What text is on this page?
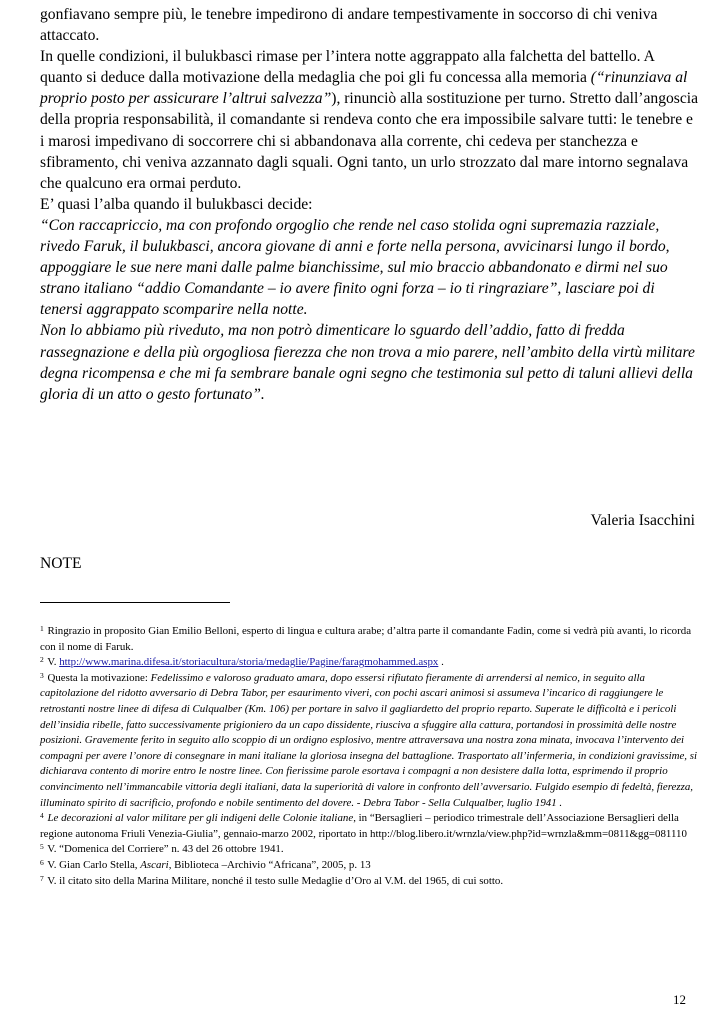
gonfiavano sempre più, le tenebre impedirono di andare tempestivamente in soccorso di chi veniva attaccato.

In quelle condizioni, il bulukbasci rimase per l’intera notte aggrappato alla falchetta del battello. A quanto si deduce dalla motivazione della medaglia che poi gli fu concessa alla memoria (“rinunziava al proprio posto per assicurare l’altrui salvezza”), rinunciò alla sostituzione per turno. Stretto dall’angoscia della propria responsabilità, il comandante si rendeva conto che era impossibile salvare tutti: le tenebre e i marosi impedivano di soccorrere chi si abbandonava alla corrente, chi cedeva per stanchezza e sfibramento, chi veniva azzannato dagli squali. Ogni tanto, un urlo strozzato dal mare intorno segnalava che qualcuno era ormai perduto.

E’ quasi l’alba quando il bulukbasci decide:

“Con raccapriccio, ma con profondo orgoglio che rende nel caso stolida ogni supremazia razziale, rivedo Faruk, il bulukbasci, ancora giovane di anni e forte nella persona, avvicinarsi lungo il bordo, appoggiare le sue nere mani dalle palme bianchissime, sul mio braccio abbandonato e dirmi nel suo strano italiano “addio Comandante – io avere finito ogni forza – io ti ringraziare”, lasciare poi di tenersi aggrappato scomparire nella notte.

Non lo abbiamo più riveduto, ma non potrò dimenticare lo sguardo dell’addio, fatto di fredda rassegnazione e della più orgogliosa fierezza che non trova a mio parere, nell’ambito della virtù militare degna ricompensa e che mi fa sembrare banale ogni segno che testimonia sul petto di taluni allievi della gloria di un atto o gesto fortunato”.

Valeria Isacchini
NOTE

$^1$ Ringrazio in proposito Gian Emilio Belloni, esperto di lingua e cultura arabe; d’altra parte il comandante Fadin, come si vedrà più avanti, lo ricorda con il nome di Faruk.

$^2$ V. http://www.marina.difesa.it/storiacultura/storia/medaglie/Pagine/faragmohammed.aspx .

$^3$ Questa la motivazione: Fedelissimo e valoroso graduato amara, dopo essersi rifiutato fieramente di arrendersi al nemico, in seguito alla capitolazione del ridotto avversario di Debra Tabor, per esaurimento viveri, con pochi ascari animosi si assumeva l’incarico di raggiungere le retrostanti nostre linee di difesa di Culqualber (Km. 106) per portare in salvo il gagliardetto del proprio reparto. Superate le difficoltà e i pericoli dell’insidia ribelle, fatto successivamente prigioniero da un capo dissidente, riusciva a sfuggire alla cattura, portandosi in prossimità delle nostre posizioni. Gravemente ferito in seguito allo scoppio di un ordigno esplosivo, mentre attraversava una nostra zona minata, invocava l’intervento dei compagni per avere l’onore di consegnare in mani italiane la gloriosa insegna del battaglione. Trasportato all’infermeria, in condizioni gravissime, si dichiarava contento di morire entro le nostre linee. Con fierissime parole esortava i compagni a non desistere dalla lotta, esprimendo il proprio convincimento nell’immancabile vittoria degli italiani, data la superiorità di valore in confronto dell’avversario. Fulgido esempio di fedeltà, fierezza, illuminato spirito di sacrificio, profondo e nobile sentimento del dovere. - Debra Tabor - Sella Culqualber, luglio 1941 .

$^4$ Le decorazioni al valor militare per gli indigeni delle Colonie italiane, in “Bersaglieri – periodico trimestrale dell’Associazione Bersaglieri della regione autonoma Friuli Venezia-Giulia”, gennaio-marzo 2002, riportato in http://blog.libero.it/wrnzla/view.php?id=wrnzla&mm=0811&gg=081110

$^5$ V. “Domenica del Corriere” n. 43 del 26 ottobre 1941.

$^6$ V. Gian Carlo Stella, Ascari, Biblioteca –Archivio “Africana”, 2005, p. 13

$^7$ V. il citato sito della Marina Militare, nonché il testo sulle Medaglie d’Oro al V.M. del 1965, di cui sotto.

12
